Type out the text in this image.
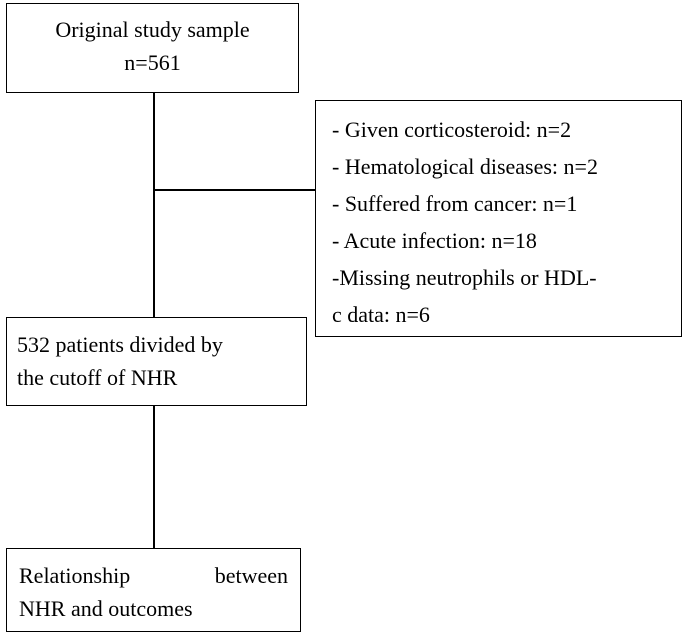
Original study sample
n=561
- Given corticosteroid: n=2
- Hematological diseases: n=2
- Suffered from cancer: n=1
- Acute infection: n=18
-Missing neutrophils or HDL-
c data: n=6
532 patients divided by
the cutoff of NHR
Relationship	between
NHR and outcomes
